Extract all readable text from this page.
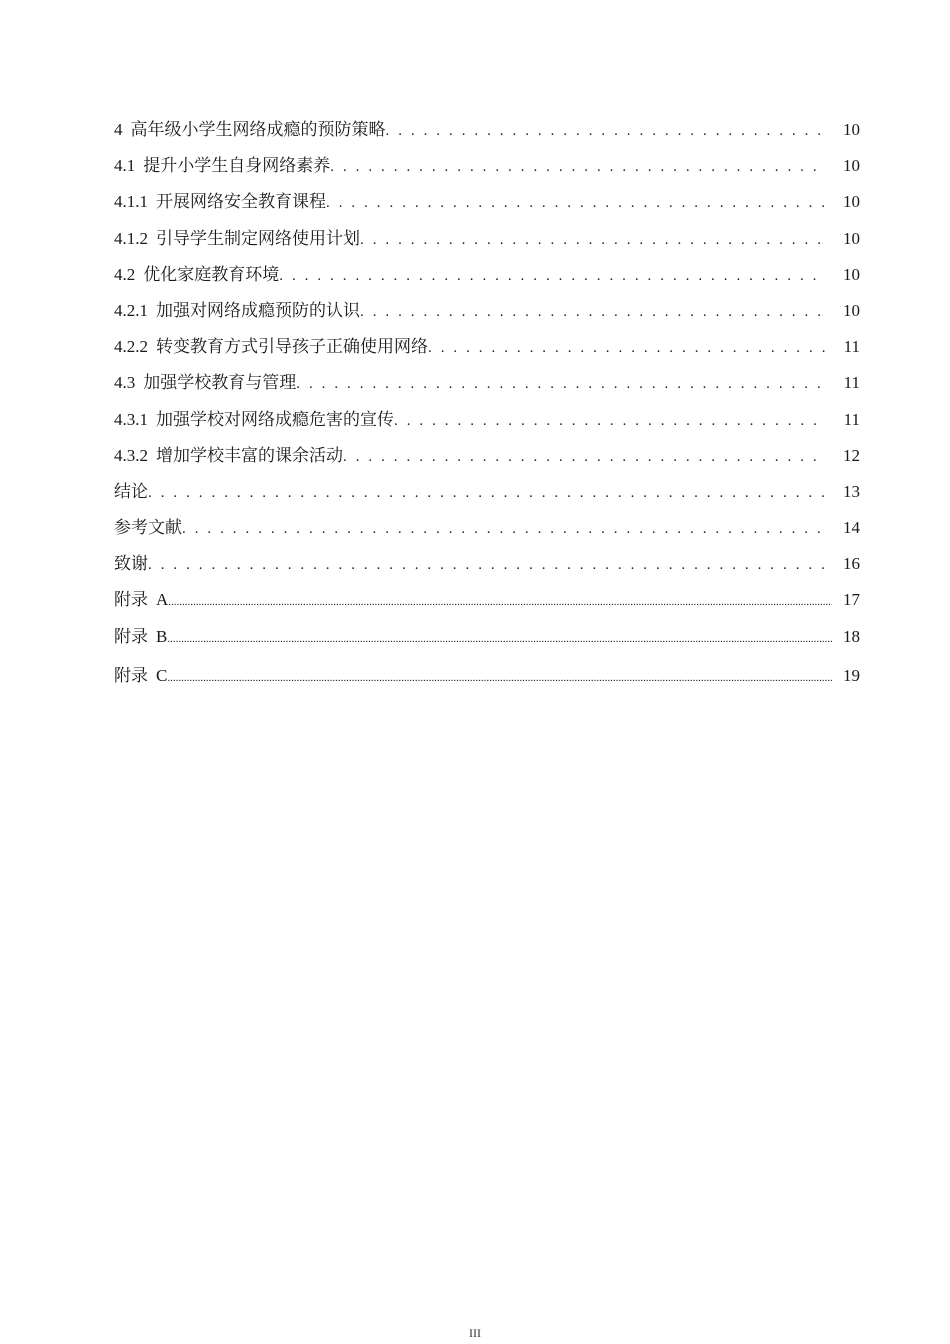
4 高年级小学生网络成瘾的预防策略 . . .	10
4.1 提升小学生自身网络素养 . . .	10
4.1.1 开展网络安全教育课程 . . .	10
4.1.2 引导学生制定网络使用计划 . . .	10
4.2 优化家庭教育环境 . . .	10
4.2.1 加强对网络成瘾预防的认识 . . .	10
4.2.2 转变教育方式引导孩子正确使用网络 . . .	11
4.3 加强学校教育与管理 . . .	11
4.3.1 加强学校对网络成瘾危害的宣传 . . .	11
4.3.2 增加学校丰富的课余活动 . . .	12
结论 . . .	13
参考文献 . . .	14
致谢 . . .	16
附录 A .....	17
附录 B .....	18
附录 C .....	19
III
